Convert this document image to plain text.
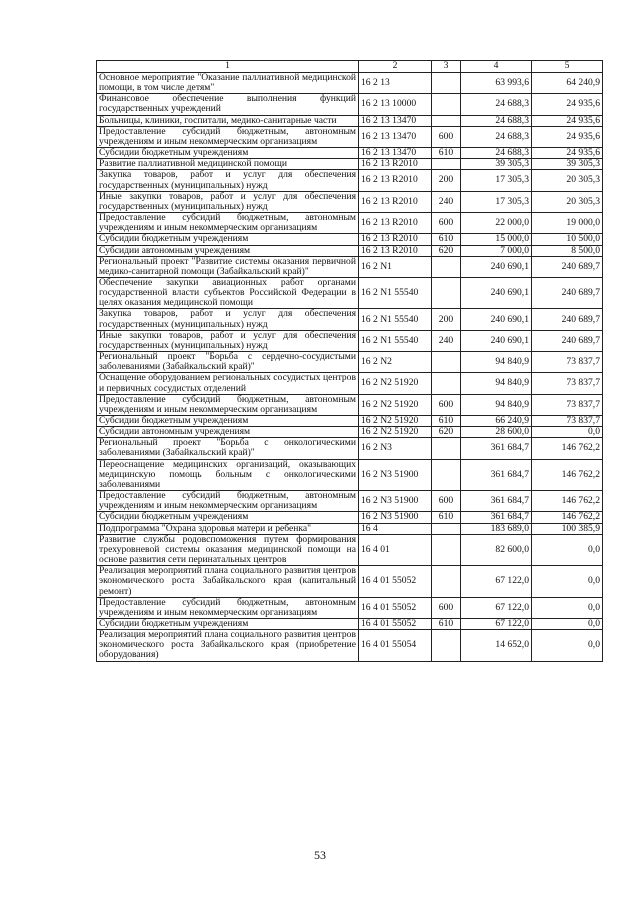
1	2	3	4	5
Основное мероприятие "Оказание паллиативной медицинской помощи, в том числе детям"	16 2 13		63 993,6	64 240,9
Финансовое обеспечение выполнения функций государственных учреждений	16 2 13 10000		24 688,3	24 935,6
Больницы, клиники, госпитали, медико-санитарные части	16 2 13 13470		24 688,3	24 935,6
Предоставление субсидий бюджетным, автономным учреждениям и иным некоммерческим организациям	16 2 13 13470	600	24 688,3	24 935,6
Субсидии бюджетным учреждениям	16 2 13 13470	610	24 688,3	24 935,6
Развитие паллиативной медицинской помощи	16 2 13 R2010		39 305,3	39 305,3
Закупка товаров, работ и услуг для обеспечения государственных (муниципальных) нужд	16 2 13 R2010	200	17 305,3	20 305,3
Иные закупки товаров, работ и услуг для обеспечения государственных (муниципальных) нужд	16 2 13 R2010	240	17 305,3	20 305,3
Предоставление субсидий бюджетным, автономным учреждениям и иным некоммерческим организациям	16 2 13 R2010	600	22 000,0	19 000,0
Субсидии бюджетным учреждениям	16 2 13 R2010	610	15 000,0	10 500,0
Субсидии автономным учреждениям	16 2 13 R2010	620	7 000,0	8 500,0
Региональный проект "Развитие системы оказания первичной медико-санитарной помощи (Забайкальский край)"	16 2 N1		240 690,1	240 689,7
Обеспечение закупки авиационных работ органами государственной власти субъектов Российской Федерации в целях оказания медицинской помощи	16 2 N1 55540		240 690,1	240 689,7
Закупка товаров, работ и услуг для обеспечения государственных (муниципальных) нужд	16 2 N1 55540	200	240 690,1	240 689,7
Иные закупки товаров, работ и услуг для обеспечения государственных (муниципальных) нужд	16 2 N1 55540	240	240 690,1	240 689,7
Региональный проект "Борьба с сердечно-сосудистыми заболеваниями (Забайкальский край)"	16 2 N2		94 840,9	73 837,7
Оснащение оборудованием региональных сосудистых центров и первичных сосудистых отделений	16 2 N2 51920		94 840,9	73 837,7
Предоставление субсидий бюджетным, автономным учреждениям и иным некоммерческим организациям	16 2 N2 51920	600	94 840,9	73 837,7
Субсидии бюджетным учреждениям	16 2 N2 51920	610	66 240,9	73 837,7
Субсидии автономным учреждениям	16 2 N2 51920	620	28 600,0	0,0
Региональный проект "Борьба с онкологическими заболеваниями (Забайкальский край)"	16 2 N3		361 684,7	146 762,2
Переоснащение медицинских организаций, оказывающих медицинскую помощь больным с онкологическими заболеваниями	16 2 N3 51900		361 684,7	146 762,2
Предоставление субсидий бюджетным, автономным учреждениям и иным некоммерческим организациям	16 2 N3 51900	600	361 684,7	146 762,2
Субсидии бюджетным учреждениям	16 2 N3 51900	610	361 684,7	146 762,2
Подпрограмма "Охрана здоровья матери и ребенка"	16 4		183 689,0	100 385,9
Развитие службы родовспоможения путем формирования трехуровневой системы оказания медицинской помощи на основе развития сети перинатальных центров	16 4 01		82 600,0	0,0
Реализация мероприятий плана социального развития центров экономического роста Забайкальского края (капитальный ремонт)	16 4 01 55052		67 122,0	0,0
Предоставление субсидий бюджетным, автономным учреждениям и иным некоммерческим организациям	16 4 01 55052	600	67 122,0	0,0
Субсидии бюджетным учреждениям	16 4 01 55052	610	67 122,0	0,0
Реализация мероприятий плана социального развития центров экономического роста Забайкальского края (приобретение оборудования)	16 4 01 55054		14 652,0	0,0
53
